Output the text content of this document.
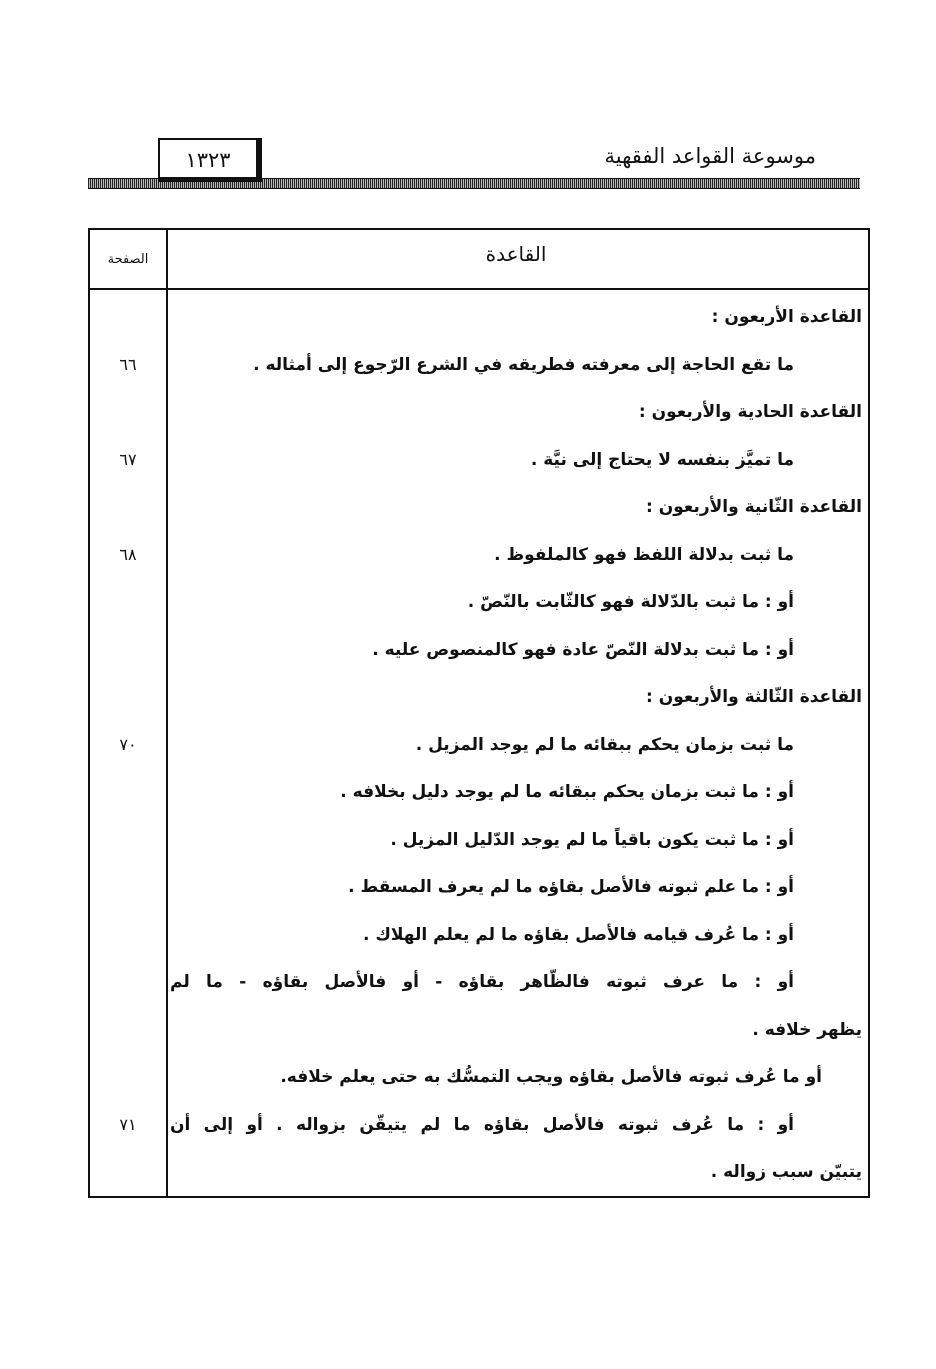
١٣٢٣	موسوعة القواعد الفقهية
القاعدة
الصفحة
القاعدة الأربعون :
ما تقع الحاجة إلى معرفته فطريقه في الشرع الرّجوع إلى أمثاله .
القاعدة الحادية والأربعون :
ما تميَّز بنفسه لا يحتاج إلى نيَّة .
القاعدة الثّانية والأربعون :
ما ثبت بدلالة اللفظ فهو كالملفوظ .
أو : ما ثبت بالدّلالة فهو كالثّابت بالنّصّ .
أو : ما ثبت بدلالة النّصّ عادة فهو كالمنصوص عليه .
القاعدة الثّالثة والأربعون :
ما ثبت بزمان يحكم ببقائه ما لم يوجد المزيل .
أو : ما ثبت بزمان يحكم ببقائه ما لم يوجد دليل بخلافه .
أو : ما ثبت يكون باقياً ما لم يوجد الدّليل المزيل .
أو : ما علم ثبوته فالأصل بقاؤه ما لم يعرف المسقط .
أو : ما عُرف قيامه فالأصل بقاؤه ما لم يعلم الهلاك .
أو : ما عرف ثبوته فالظّاهر بقاؤه - أو فالأصل بقاؤه - ما لم
يظهر خلافه .
أو ما عُرف ثبوته فالأصل بقاؤه ويجب التمسُّك به حتى يعلم خلافه.
أو : ما عُرف ثبوته فالأصل بقاؤه ما لم يتيقّن بزواله . أو إلى أن
يتبيّن سبب زواله .
٦٦
٦٧
٦٨
٧٠
٧١
